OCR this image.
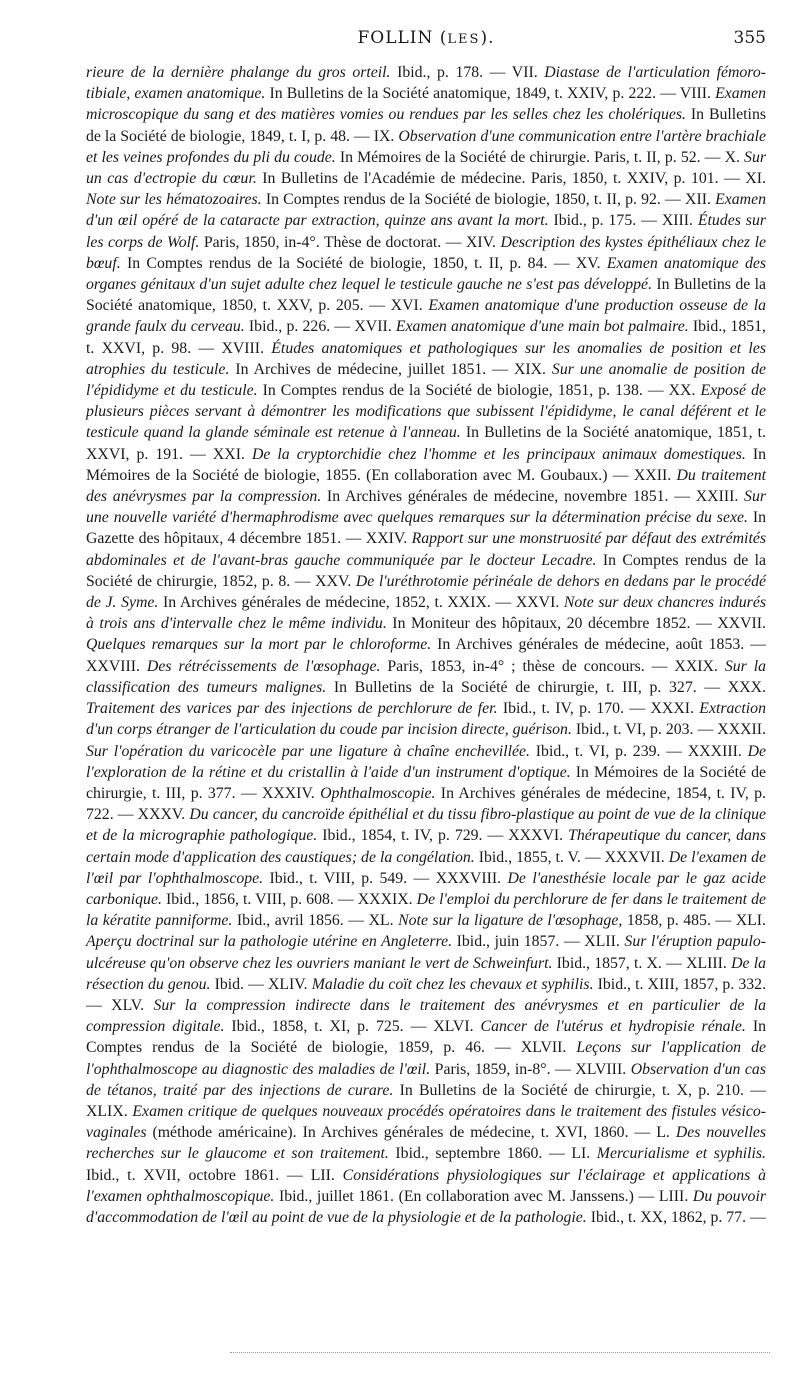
FOLLIN (LES).	355
rieure de la dernière phalange du gros orteil. Ibid., p. 178. — VII. Diastase de l'articulation fémoro-tibiale, examen anatomique. In Bulletins de la Société anatomique, 1849, t. XXIV, p. 222. — VIII. Examen microscopique du sang et des matières vomies ou rendues par les selles chez les cholériques. In Bulletins de la Société de biologie, 1849, t. I, p. 48. — IX. Observation d'une communication entre l'artère brachiale et les veines profondes du pli du coude. In Mémoires de la Société de chirurgie. Paris, t. II, p. 52. — X. Sur un cas d'ectropie du cœur. In Bulletins de l'Académie de médecine. Paris, 1850, t. XXIV, p. 101. — XI. Note sur les hématozoaires. In Comptes rendus de la Société de biologie, 1850, t. II, p. 92. — XII. Examen d'un œil opéré de la cataracte par extraction, quinze ans avant la mort. Ibid., p. 175. — XIII. Études sur les corps de Wolf. Paris, 1850, in-4°. Thèse de doctorat. — XIV. Description des kystes épithéliaux chez le bœuf. In Comptes rendus de la Société de biologie, 1850, t. II, p. 84. — XV. Examen anatomique des organes génitaux d'un sujet adulte chez lequel le testicule gauche ne s'est pas développé. In Bulletins de la Société anatomique, 1850, t. XXV, p. 205. — XVI. Examen anatomique d'une production osseuse de la grande faulx du cerveau. Ibid., p. 226. — XVII. Examen anatomique d'une main bot palmaire. Ibid., 1851, t. XXVI, p. 98. — XVIII. Études anatomiques et pathologiques sur les anomalies de position et les atrophies du testicule. In Archives de médecine, juillet 1851. — XIX. Sur une anomalie de position de l'épididyme et du testicule. In Comptes rendus de la Société de biologie, 1851, p. 138. — XX. Exposé de plusieurs pièces servant à démontrer les modifications que subissent l'épididyme, le canal déférent et le testicule quand la glande séminale est retenue à l'anneau. In Bulletins de la Société anatomique, 1851, t. XXVI, p. 191. — XXI. De la cryptorchidie chez l'homme et les principaux animaux domestiques. In Mémoires de la Société de biologie, 1855. (En collaboration avec M. Goubaux.) — XXII. Du traitement des anévrysmes par la compression. In Archives générales de médecine, novembre 1851. — XXIII. Sur une nouvelle variété d'hermaphrodisme avec quelques remarques sur la détermination précise du sexe. In Gazette des hôpitaux, 4 décembre 1851. — XXIV. Rapport sur une monstruosité par défaut des extrémités abdominales et de l'avant-bras gauche communiquée par le docteur Lecadre. In Comptes rendus de la Société de chirurgie, 1852, p. 8. — XXV. De l'uréthrotomie périnéale de dehors en dedans par le procédé de J. Syme. In Archives générales de médecine, 1852, t. XXIX. — XXVI. Note sur deux chancres indurés à trois ans d'intervalle chez le même individu. In Moniteur des hôpitaux, 20 décembre 1852. — XXVII. Quelques remarques sur la mort par le chloroforme. In Archives générales de médecine, août 1853. — XXVIII. Des rétrécissements de l'œsophage. Paris, 1853, in-4° ; thèse de concours. — XXIX. Sur la classification des tumeurs malignes. In Bulletins de la Société de chirurgie, t. III, p. 327. — XXX. Traitement des varices par des injections de perchlorure de fer. Ibid., t. IV, p. 170. — XXXI. Extraction d'un corps étranger de l'articulation du coude par incision directe, guérison. Ibid., t. VI, p. 203. — XXXII. Sur l'opération du varicocèle par une ligature à chaîne enchevillée. Ibid., t. VI, p. 239. — XXXIII. De l'exploration de la rétine et du cristallin à l'aide d'un instrument d'optique. In Mémoires de la Société de chirurgie, t. III, p. 377. — XXXIV. Ophthalmoscopie. In Archives générales de médecine, 1854, t. IV, p. 722. — XXXV. Du cancer, du cancroïde épithélial et du tissu fibro-plastique au point de vue de la clinique et de la micrographie pathologique. Ibid., 1854, t. IV, p. 729. — XXXVI. Thérapeutique du cancer, dans certain mode d'application des caustiques; de la congélation. Ibid., 1855, t. V. — XXXVII. De l'examen de l'œil par l'ophthalmoscope. Ibid., t. VIII, p. 549. — XXXVIII. De l'anesthésie locale par le gaz acide carbonique. Ibid., 1856, t. VIII, p. 608. — XXXIX. De l'emploi du perchlorure de fer dans le traitement de la kératite panniforme. Ibid., avril 1856. — XL. Note sur la ligature de l'œsophage, 1858, p. 485. — XLI. Aperçu doctrinal sur la pathologie utérine en Angleterre. Ibid., juin 1857. — XLII. Sur l'éruption papulo-ulcéreuse qu'on observe chez les ouvriers maniant le vert de Schweinfurt. Ibid., 1857, t. X. — XLIII. De la résection du genou. Ibid. — XLIV. Maladie du coït chez les chevaux et syphilis. Ibid., t. XIII, 1857, p. 332. — XLV. Sur la compression indirecte dans le traitement des anévrysmes et en particulier de la compression digitale. Ibid., 1858, t. XI, p. 725. — XLVI. Cancer de l'utérus et hydropisie rénale. In Comptes rendus de la Société de biologie, 1859, p. 46. — XLVII. Leçons sur l'application de l'ophthalmoscope au diagnostic des maladies de l'œil. Paris, 1859, in-8°. — XLVIII. Observation d'un cas de tétanos, traité par des injections de curare. In Bulletins de la Société de chirurgie, t. X, p. 210. — XLIX. Examen critique de quelques nouveaux procédés opératoires dans le traitement des fistules vésico-vaginales (méthode américaine). In Archives générales de médecine, t. XVI, 1860. — L. Des nouvelles recherches sur le glaucome et son traitement. Ibid., septembre 1860. — LI. Mercurialisme et syphilis. Ibid., t. XVII, octobre 1861. — LII. Considérations physiologiques sur l'éclairage et applications à l'examen ophthalmoscopique. Ibid., juillet 1861. (En collaboration avec M. Janssens.) — LIII. Du pouvoir d'accommodation de l'œil au point de vue de la physiologie et de la pathologie. Ibid., t. XX, 1862, p. 77. —
